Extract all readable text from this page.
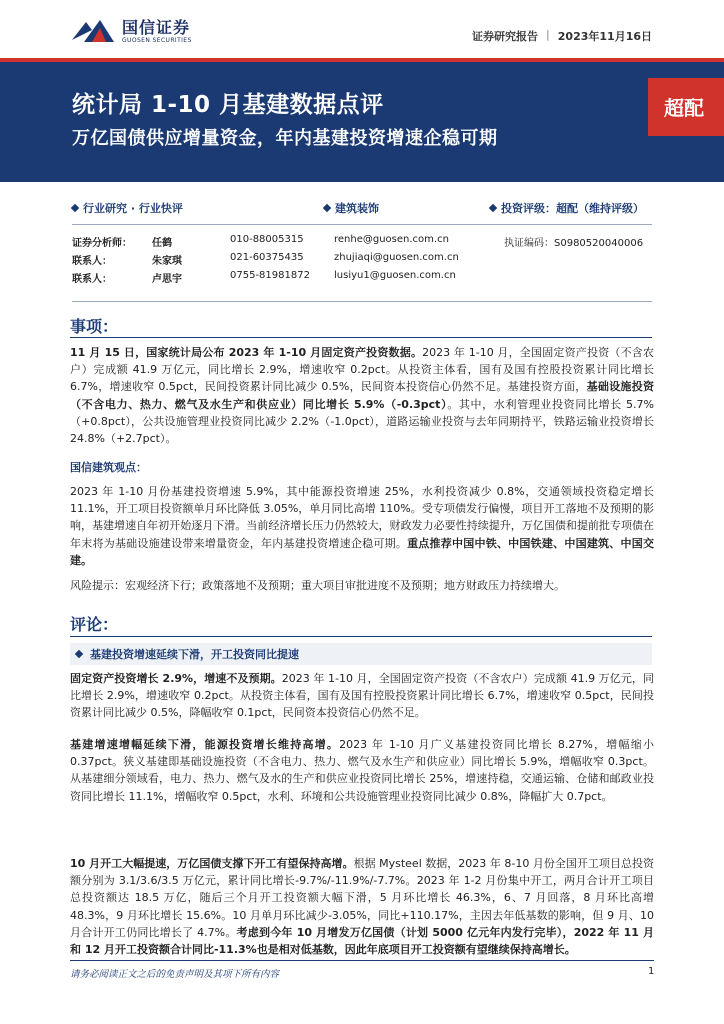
国信证券
GUOSEN SECURITIES	证券研究报告 | 2023年11月16日
统计局 1-10 月基建数据点评
万亿国债供应增量资金，年内基建投资增速企稳可期
超配
行业研究 · 行业快评	建筑装饰	投资评级：超配（维持评级）
证券分析师： 任鹤	010-88005315	renhe@guosen.com.cn	执证编码：S0980520040006
联系人：	朱家琪	021-60375435	zhujiaqi@guosen.com.cn
联系人：	卢思宇	0755-81981872 lusiyu1@guosen.com.cn
事项：
11 月 15 日，国家统计局公布 2023 年 1-10 月固定资产投资数据。2023 年 1-10 月，全国固定资产投资（不含农户）完成额 41.9 万亿元，同比增长 2.9%，增速收窄 0.2pct。从投资主体看，国有及国有控股投资累计同比增长 6.7%，增速收窄 0.5pct，民间投资累计同比减少 0.5%，民间资本投资信心仍然不足。基建投资方面，基础设施投资（不含电力、热力、燃气及水生产和供应业）同比增长 5.9%（-0.3pct）。其中，水利管理业投资同比增长 5.7%（+0.8pct），公共设施管理业投资同比减少 2.2%（-1.0pct），道路运输业投资与去年同期持平，铁路运输业投资增长 24.8%（+2.7pct）。
国信建筑观点：
2023 年 1-10 月份基建投资增速 5.9%，其中能源投资增速 25%，水利投资减少 0.8%，交通领域投资稳定增长 11.1%，开工项目投资额单月环比降低 3.05%，单月同比高增 110%。受专项债发行偏慢，项目开工落地不及预期的影响，基建增速自年初开始逐月下滑。当前经济增长压力仍然较大，财政发力必要性持续提升，万亿国债和提前批专项债在年末将为基础设施建设带来增量资金，年内基建投资增速企稳可期。重点推荐中国中铁、中国铁建、中国建筑、中国交建。
风险提示：宏观经济下行；政策落地不及预期；重大项目审批进度不及预期；地方财政压力持续增大。
评论：
基建投资增速延续下滑，开工投资同比提速
固定资产投资增长 2.9%，增速不及预期。2023 年 1-10 月，全国固定资产投资（不含农户）完成额 41.9 万亿元，同比增长 2.9%，增速收窄 0.2pct。从投资主体看，国有及国有控股投资累计同比增长 6.7%，增速收窄 0.5pct，民间投资累计同比减少 0.5%，降幅收窄 0.1pct，民间资本投资信心仍然不足。
基建增速增幅延续下滑，能源投资增长维持高增。2023 年 1-10 月广义基建投资同比增长 8.27%，增幅缩小 0.37pct。狭义基建即基础设施投资（不含电力、热力、燃气及水生产和供应业）同比增长 5.9%，增幅收窄 0.3pct。从基建细分领域看，电力、热力、燃气及水的生产和供应业投资同比增长 25%，增速持稳，交通运输、仓储和邮政业投资同比增长 11.1%，增幅收窄 0.5pct，水利、环境和公共设施管理业投资同比减少 0.8%，降幅扩大 0.7pct。
10 月开工大幅提速，万亿国债支撑下开工有望保持高增。根据 Mysteel 数据，2023 年 8-10 月份全国开工项目总投资额分别为 3.1/3.6/3.5 万亿元，累计同比增长-9.7%/-11.9%/-7.7%。2023 年 1-2 月份集中开工，两月合计开工项目总投资额达 18.5 万亿，随后三个月开工投资额大幅下滑，5 月环比增长 46.3%，6、7 月回落，8 月环比高增 48.3%，9 月环比增长 15.6%。10 月单月环比减少-3.05%，同比+110.17%，主因去年低基数的影响，但 9 月、10 月合计开工仍同比增长了 4.7%。考虑到今年 10 月增发万亿国债（计划 5000 亿元年内发行完毕），2022 年 11 月和 12 月开工投资额合计同比-11.3%也是相对低基数，因此年底项目开工投资额有望继续保持高增长。
请务必阅读正文之后的免责声明及其项下所有内容	1
